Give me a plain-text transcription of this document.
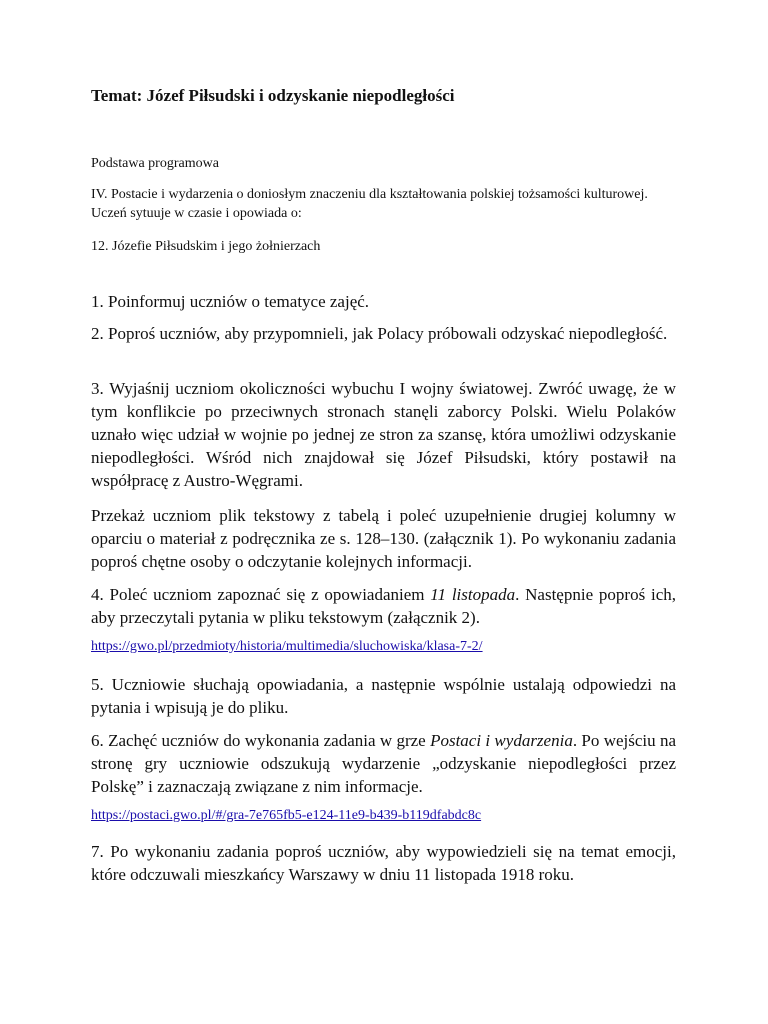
Temat: Józef Piłsudski i odzyskanie niepodległości
Podstawa programowa
IV. Postacie i wydarzenia o doniosłym znaczeniu dla kształtowania polskiej tożsamości kulturowej. Uczeń sytuuje w czasie i opowiada o:
12. Józefie Piłsudskim i jego żołnierzach
1. Poinformuj uczniów o tematyce zajęć.
2. Poproś uczniów, aby przypomnieli, jak Polacy próbowali odzyskać niepodległość.
3. Wyjaśnij uczniom okoliczności wybuchu I wojny światowej. Zwróć uwagę, że w tym konflikcie po przeciwnych stronach stanęli zaborcy Polski. Wielu Polaków uznało więc udział w wojnie po jednej ze stron za szansę, która umożliwi odzyskanie niepodległości. Wśród nich znajdował się Józef Piłsudski, który postawił na współpracę z Austro-Węgrami.
Przekaż uczniom plik tekstowy z tabelą i poleć uzupełnienie drugiej kolumny w oparciu o materiał z podręcznika ze s. 128–130. (załącznik 1). Po wykonaniu zadania poproś chętne osoby o odczytanie kolejnych informacji.
4. Poleć uczniom zapoznać się z opowiadaniem 11 listopada. Następnie poproś ich, aby przeczytali pytania w pliku tekstowym (załącznik 2).
https://gwo.pl/przedmioty/historia/multimedia/sluchowiska/klasa-7-2/
5. Uczniowie słuchają opowiadania, a następnie wspólnie ustalają odpowiedzi na pytania i wpisują je do pliku.
6. Zachęć uczniów do wykonania zadania w grze Postaci i wydarzenia. Po wejściu na stronę gry uczniowie odszukują wydarzenie „odzyskanie niepodległości przez Polskę” i zaznaczają związane z nim informacje.
https://postaci.gwo.pl/#/gra-7e765fb5-e124-11e9-b439-b119dfabdc8c
7. Po wykonaniu zadania poproś uczniów, aby wypowiedzieli się na temat emocji, które odczuwali mieszkańcy Warszawy w dniu 11 listopada 1918 roku.
